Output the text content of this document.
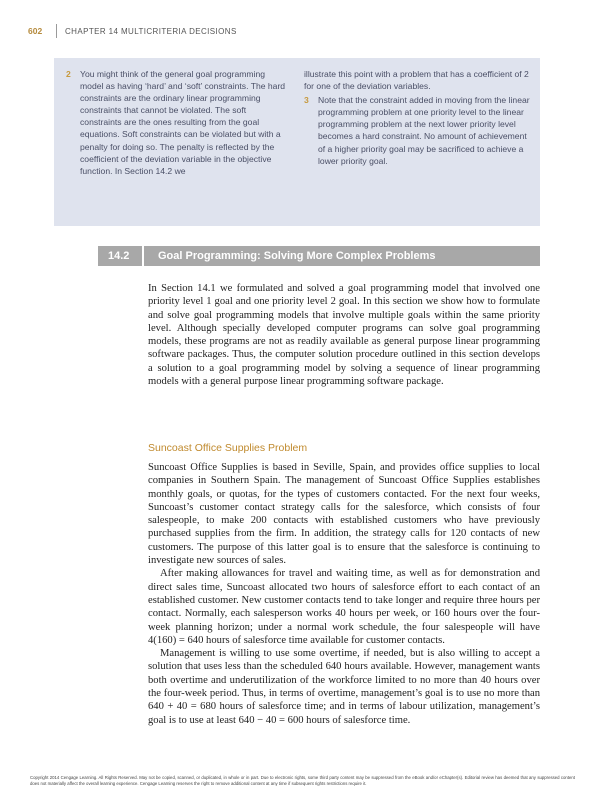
602	CHAPTER 14 MULTICRITERIA DECISIONS
2 You might think of the general goal programming model as having ‘hard’ and ‘soft’ constraints. The hard constraints are the ordinary linear programming constraints that cannot be violated. The soft constraints are the ones resulting from the goal equations. Soft constraints can be violated but with a penalty for doing so. The penalty is reflected by the coefficient of the deviation variable in the objective function. In Section 14.2 we
illustrate this point with a problem that has a coefficient of 2 for one of the deviation variables.
3 Note that the constraint added in moving from the linear programming problem at one priority level to the linear programming problem at the next lower priority level becomes a hard constraint. No amount of achievement of a higher priority goal may be sacrificed to achieve a lower priority goal.
14.2	Goal Programming: Solving More Complex Problems

In Section 14.1 we formulated and solved a goal programming model that involved one priority level 1 goal and one priority level 2 goal. In this section we show how to formulate and solve goal programming models that involve multiple goals within the same priority level. Although specially developed computer programs can solve goal programming models, these programs are not as readily available as general purpose linear programming software packages. Thus, the computer solution procedure outlined in this section develops a solution to a goal programming model by solving a sequence of linear programming models with a general purpose linear programming software package.

Suncoast Office Supplies Problem

Suncoast Office Supplies is based in Seville, Spain, and provides office supplies to local companies in Southern Spain. The management of Suncoast Office Supplies establishes monthly goals, or quotas, for the types of customers contacted. For the next four weeks, Suncoast’s customer contact strategy calls for the salesforce, which consists of four salespeople, to make 200 contacts with established customers who have previously purchased supplies from the firm. In addition, the strategy calls for 120 contacts of new customers. The purpose of this latter goal is to ensure that the salesforce is continuing to investigate new sources of sales.

After making allowances for travel and waiting time, as well as for demonstration and direct sales time, Suncoast allocated two hours of salesforce effort to each contact of an established customer. New customer contacts tend to take longer and require three hours per contact. Normally, each salesperson works 40 hours per week, or 160 hours over the four-week planning horizon; under a normal work schedule, the four salespeople will have 4(160) = 640 hours of salesforce time available for customer contacts.

Management is willing to use some overtime, if needed, but is also willing to accept a solution that uses less than the scheduled 640 hours available. However, management wants both overtime and underutilization of the workforce limited to no more than 40 hours over the four-week period. Thus, in terms of overtime, management’s goal is to use no more than 640 + 40 = 680 hours of salesforce time; and in terms of labour utilization, management’s goal is to use at least 640 − 40 = 600 hours of salesforce time.

Copyright 2014 Cengage Learning. All Rights Reserved. May not be copied, scanned, or duplicated, in whole or in part. Due to electronic rights, some third party content may be suppressed from the eBook and/or eChapter(s). Editorial review has deemed that any suppressed content does not materially affect the overall learning experience. Cengage Learning reserves the right to remove additional content at any time if subsequent rights restrictions require it.
